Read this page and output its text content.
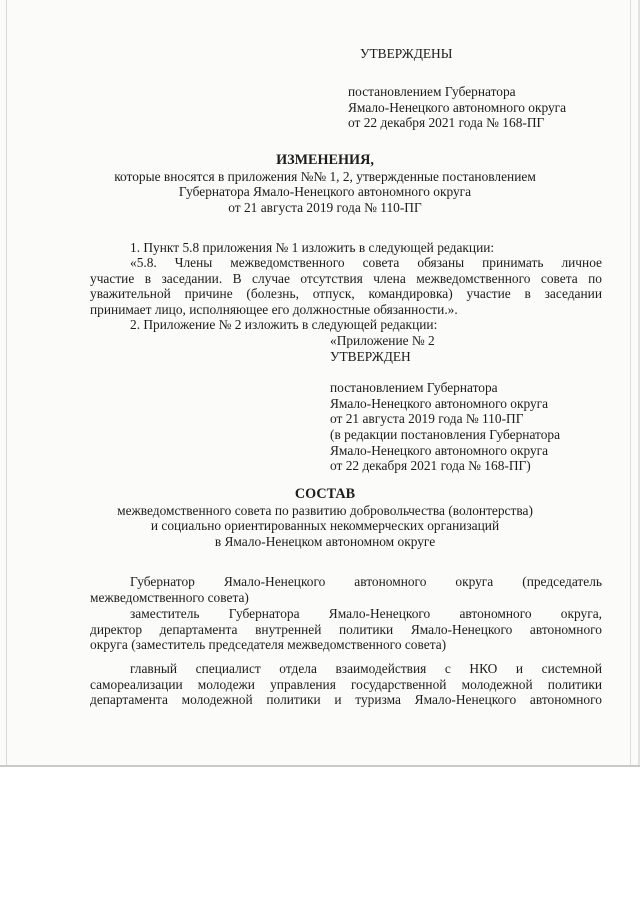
УТВЕРЖДЕНЫ
постановлением Губернатора
Ямало-Ненецкого автономного округа
от 22 декабря 2021 года № 168-ПГ
ИЗМЕНЕНИЯ,
которые вносятся в приложения №№ 1, 2, утвержденные постановлением
Губернатора Ямало-Ненецкого автономного округа
от 21 августа 2019 года № 110-ПГ
1. Пункт 5.8 приложения № 1 изложить в следующей редакции:
«5.8. Члены межведомственного совета обязаны принимать личное
участие в заседании. В случае отсутствия члена межведомственного совета по
уважительной причине (болезнь, отпуск, командировка) участие в заседании
принимает лицо, исполняющее его должностные обязанности.».
2. Приложение № 2 изложить в следующей редакции:
«Приложение № 2
УТВЕРЖДЕН
постановлением Губернатора
Ямало-Ненецкого автономного округа
от 21 августа 2019 года № 110-ПГ
(в редакции постановления Губернатора
Ямало-Ненецкого автономного округа
от 22 декабря 2021 года № 168-ПГ)
СОСТАВ
межведомственного совета по развитию добровольчества (волонтерства)
и социально ориентированных некоммерческих организаций
в Ямало-Ненецком автономном округе
Губернатор Ямало-Ненецкого автономного округа (председатель
межведомственного совета)
заместитель Губернатора Ямало-Ненецкого автономного округа,
директор департамента внутренней политики Ямало-Ненецкого автономного
округа (заместитель председателя межведомственного совета)
главный специалист отдела взаимодействия с НКО и системной
самореализации молодежи управления государственной молодежной политики
департамента молодежной политики и туризма Ямало-Ненецкого автономного
